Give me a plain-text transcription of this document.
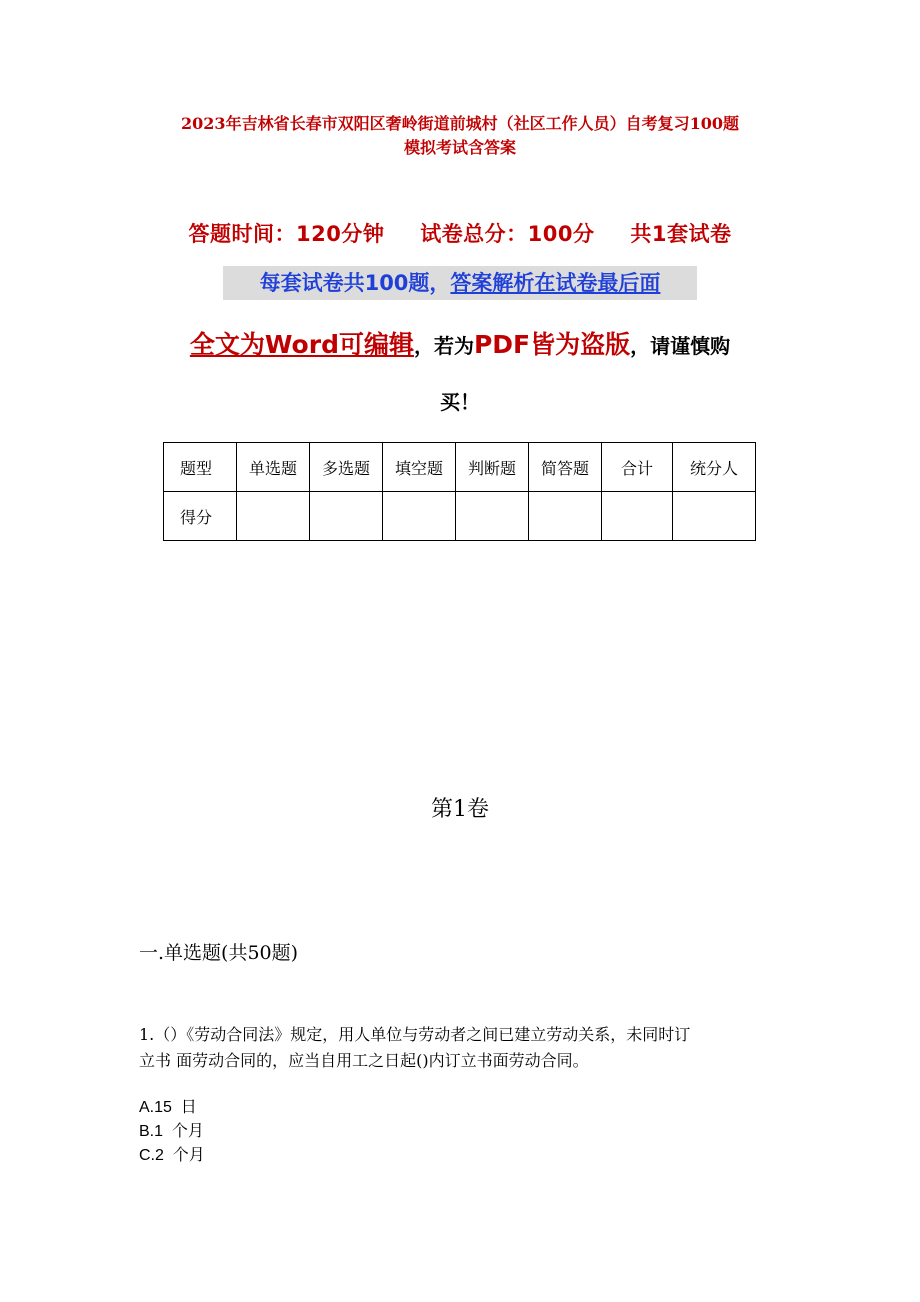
2023年吉林省长春市双阳区奢岭街道前城村（社区工作人员）自考复习100题
模拟考试含答案
答题时间：120分钟 试卷总分：100分 共1套试卷
每套试卷共100题，答案解析在试卷最后面
全文为Word可编辑，若为PDF皆为盗版，请谨慎购
买！
题型	单选题	多选题	填空题	判断题	简答题	合计	统分人
得分							
第1卷
一.单选题(共50题)
1.（）《劳动合同法》规定，用人单位与劳动者之间已建立劳动关系，未同时订
立书 面劳动合同的，应当自用工之日起()内订立书面劳动合同。
A.15  日
B.1  个月
C.2  个月
